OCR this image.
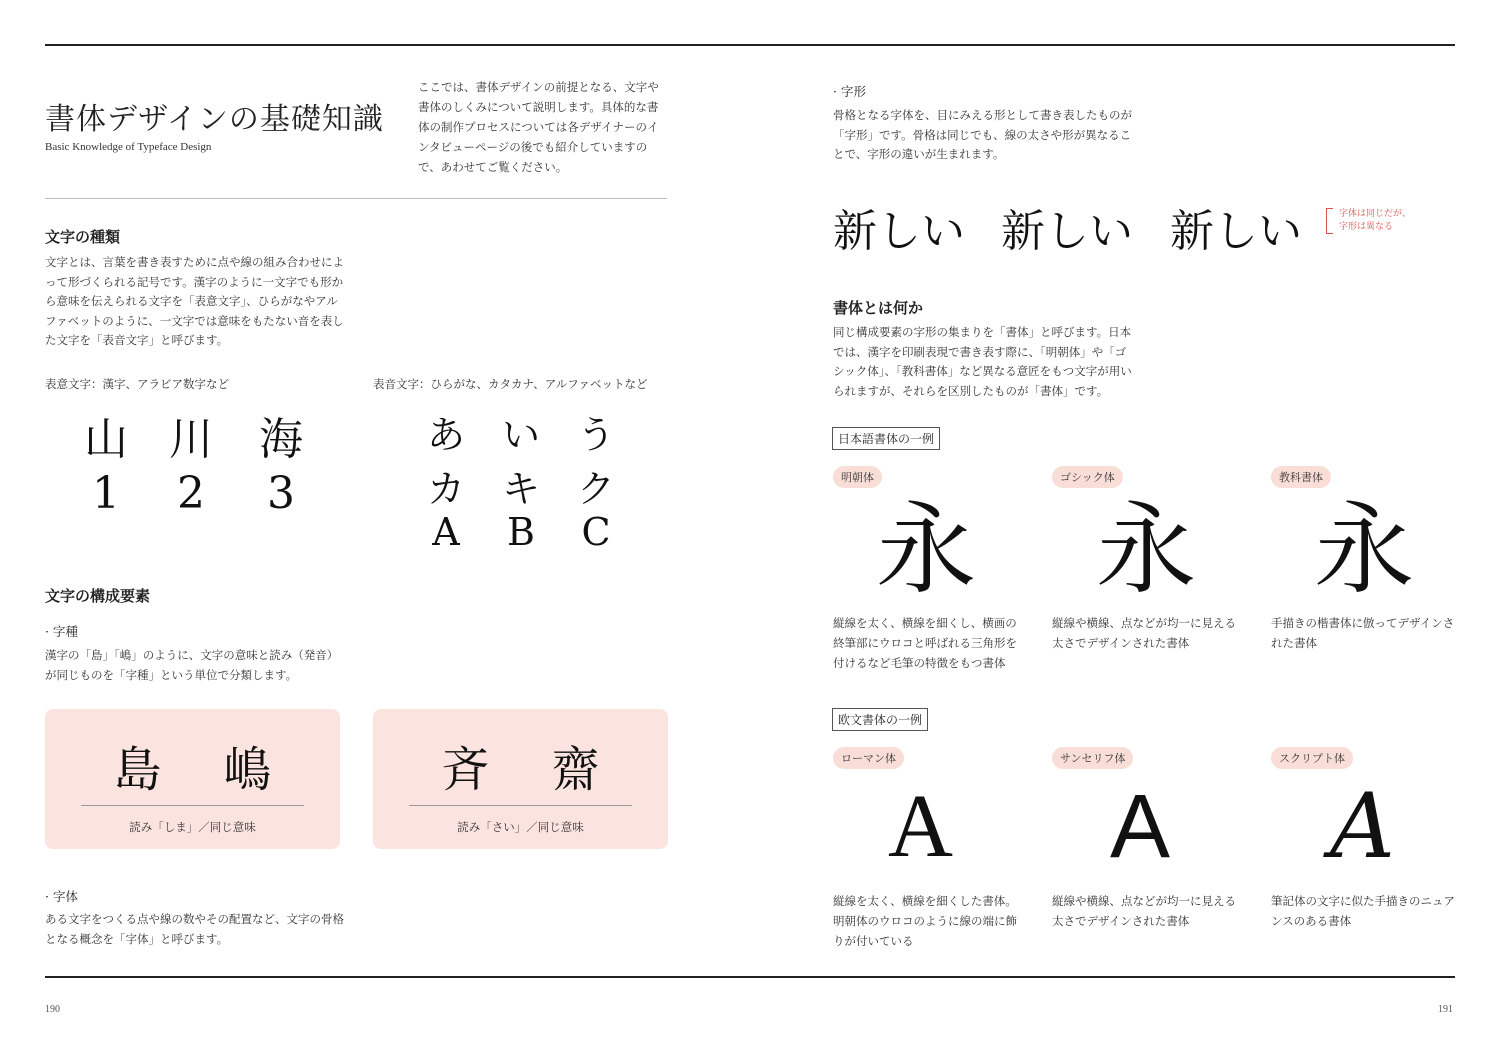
書体デザインの基礎知識
Basic Knowledge of Typeface Design
ここでは、書体デザインの前提となる、文字や書体のしくみについて説明します。具体的な書体の制作プロセスについては各デザイナーのインタビューページの後でも紹介していますので、あわせてご覧ください。
文字の種類
文字とは、言葉を書き表すために点や線の組み合わせによって形づくられる記号です。漢字のように一文字でも形から意味を伝えられる文字を「表意文字」、ひらがなやアルファベットのように、一文字では意味をもたない音を表した文字を「表音文字」と呼びます。
表意文字：漢字、アラビア数字など	表音文字：ひらがな、カタカナ、アルファベットなど
山 川 海
1	2	3
あ い う
カ キ ク
A	B	C
文字の構成要素
· 字種
漢字の「島」「嶋」のように、文字の意味と読み（発音）が同じものを「字種」という単位で分類します。
島 嶋
読み「しま」／同じ意味
斉 齋
読み「さい」／同じ意味
· 字体
ある文字をつくる点や線の数やその配置など、文字の骨格となる概念を「字体」と呼びます。
190
· 字形
骨格となる字体を、目にみえる形として書き表したものが「字形」です。骨格は同じでも、線の太さや形が異なることで、字形の違いが生まれます。
新しい 新しい 新しい	字体は同じだが、
字形は異なる
書体とは何か
同じ構成要素の字形の集まりを「書体」と呼びます。日本では、漢字を印刷表現で書き表す際に、「明朝体」や「ゴシック体」、「教科書体」など異なる意匠をもつ文字が用いられますが、それらを区別したものが「書体」です。
日本語書体の一例
明朝体	ゴシック体	教科書体
永 永 永
縦線を太く、横線を細くし、横画の終筆部にウロコと呼ばれる三角形を付けるなど毛筆の特徴をもつ書体
縦線や横線、点などが均一に見える太さでデザインされた書体
手描きの楷書体に倣ってデザインされた書体
欧文書体の一例
ローマン体	サンセリフ体	スクリプト体
A A A
縦線を太く、横線を細くした書体。明朝体のウロコのように線の端に飾りが付いている
縦線や横線、点などが均一に見える太さでデザインされた書体
筆記体の文字に似た手描きのニュアンスのある書体
191
